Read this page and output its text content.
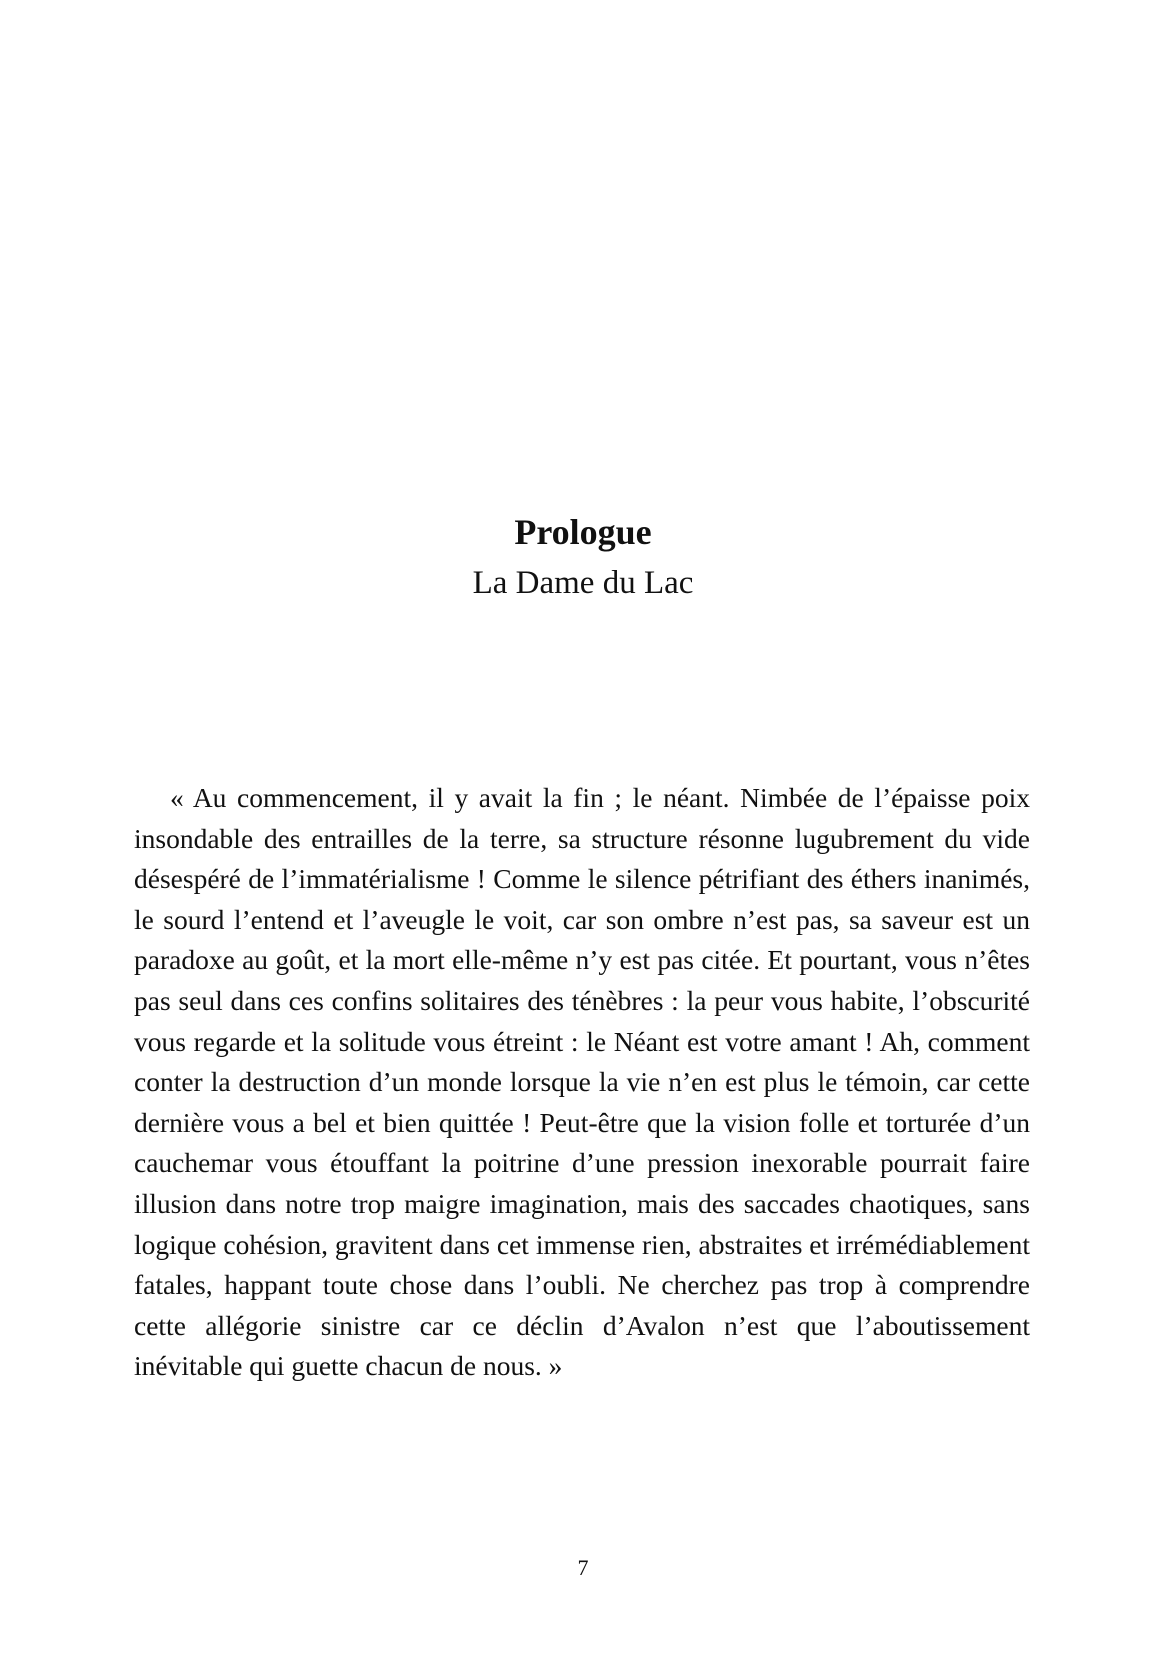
Prologue
La Dame du Lac

« Au commencement, il y avait la fin ; le néant. Nimbée de l’épaisse poix insondable des entrailles de la terre, sa structure résonne lugubrement du vide désespéré de l’immatérialisme ! Comme le silence pétrifiant des éthers inanimés, le sourd l’entend et l’aveugle le voit, car son ombre n’est pas, sa saveur est un paradoxe au goût, et la mort elle-même n’y est pas citée. Et pourtant, vous n’êtes pas seul dans ces confins solitaires des ténèbres : la peur vous habite, l’obscurité vous regarde et la solitude vous étreint : le Néant est votre amant ! Ah, comment conter la destruction d’un monde lorsque la vie n’en est plus le témoin, car cette dernière vous a bel et bien quittée ! Peut-être que la vision folle et torturée d’un cauchemar vous étouffant la poitrine d’une pression inexorable pourrait faire illusion dans notre trop maigre imagination, mais des saccades chaotiques, sans logique cohésion, gravitent dans cet immense rien, abstraites et irrémédiablement fatales, happant toute chose dans l’oubli. Ne cherchez pas trop à comprendre cette allégorie sinistre car ce déclin d’Avalon n’est que l’aboutissement inévitable qui guette chacun de nous. »

7
